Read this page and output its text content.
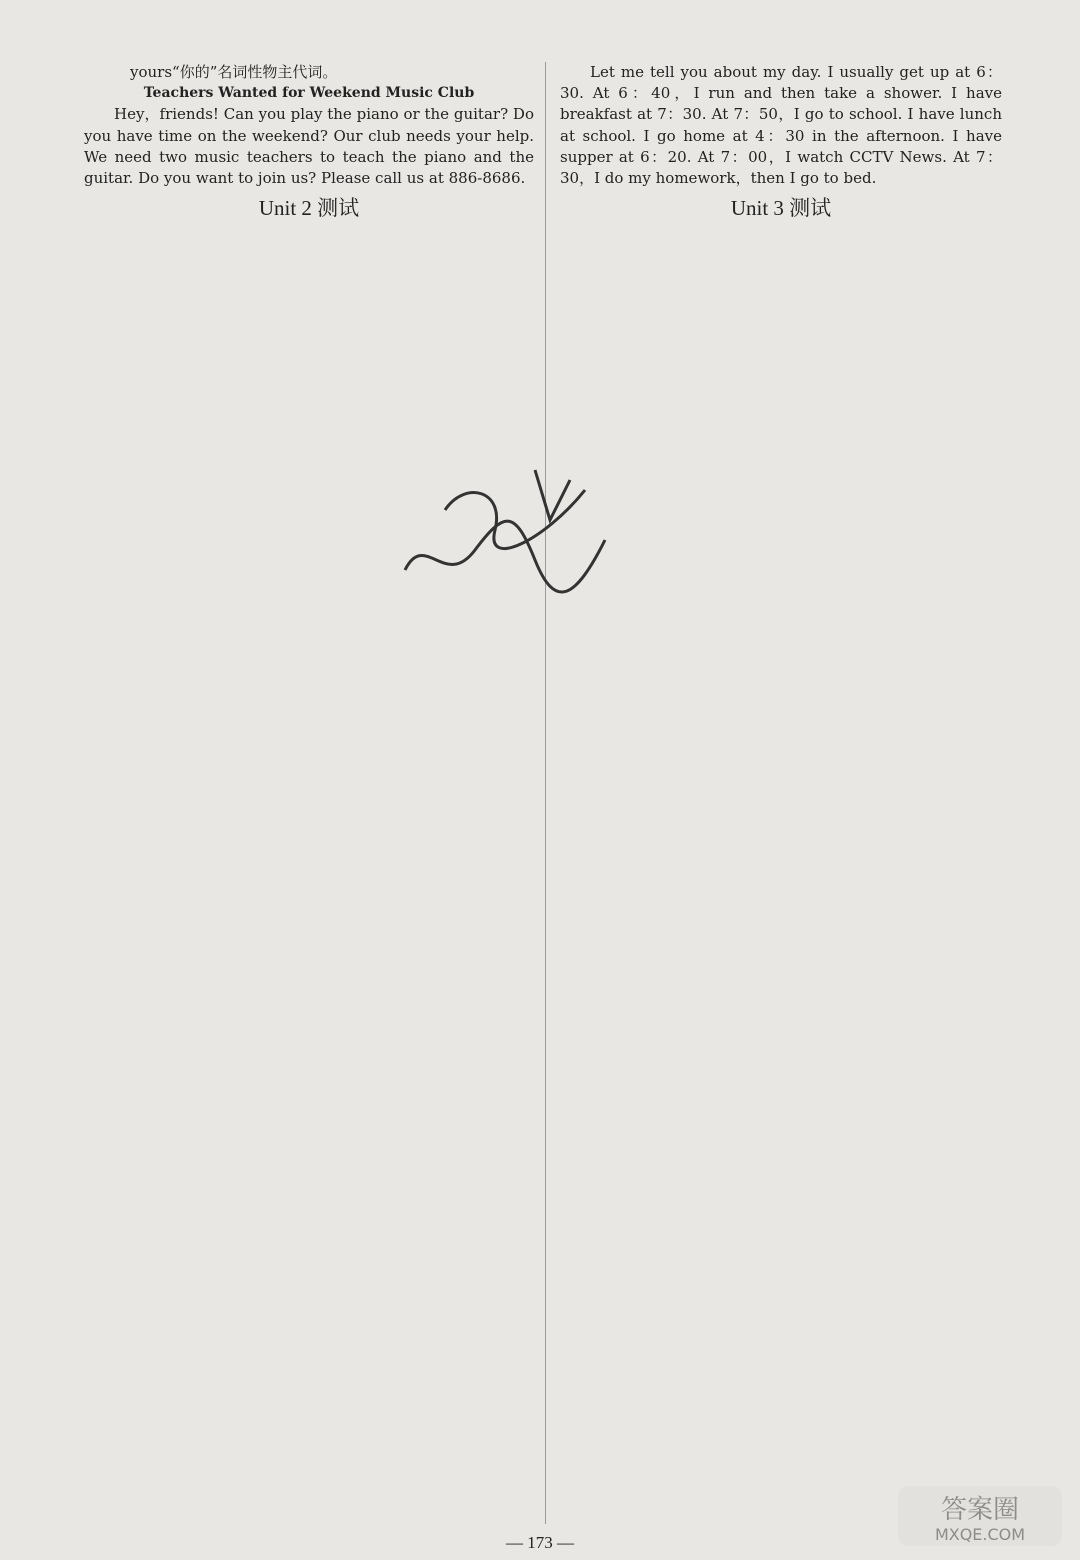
yours“你的”名词性物主代词。
Teachers Wanted for Weekend Music Club
Hey，friends! Can you play the piano or the guitar? Do you have time on the weekend? Our club needs your help. We need two music teachers to teach the piano and the guitar. Do you want to join us? Please call us at 886-8686.
Unit 2 测试
Let me tell you about my day. I usually get up at 6：30. At 6：40，I run and then take a shower. I have breakfast at 7：30. At 7：50，I go to school. I have lunch at school. I go home at 4：30 in the afternoon. I have supper at 6：20. At 7：00，I watch CCTV News. At 7：30，I do my homework，then I go to bed.
Unit 3 测试
— 173 —
答案圈
MXQE.COM
